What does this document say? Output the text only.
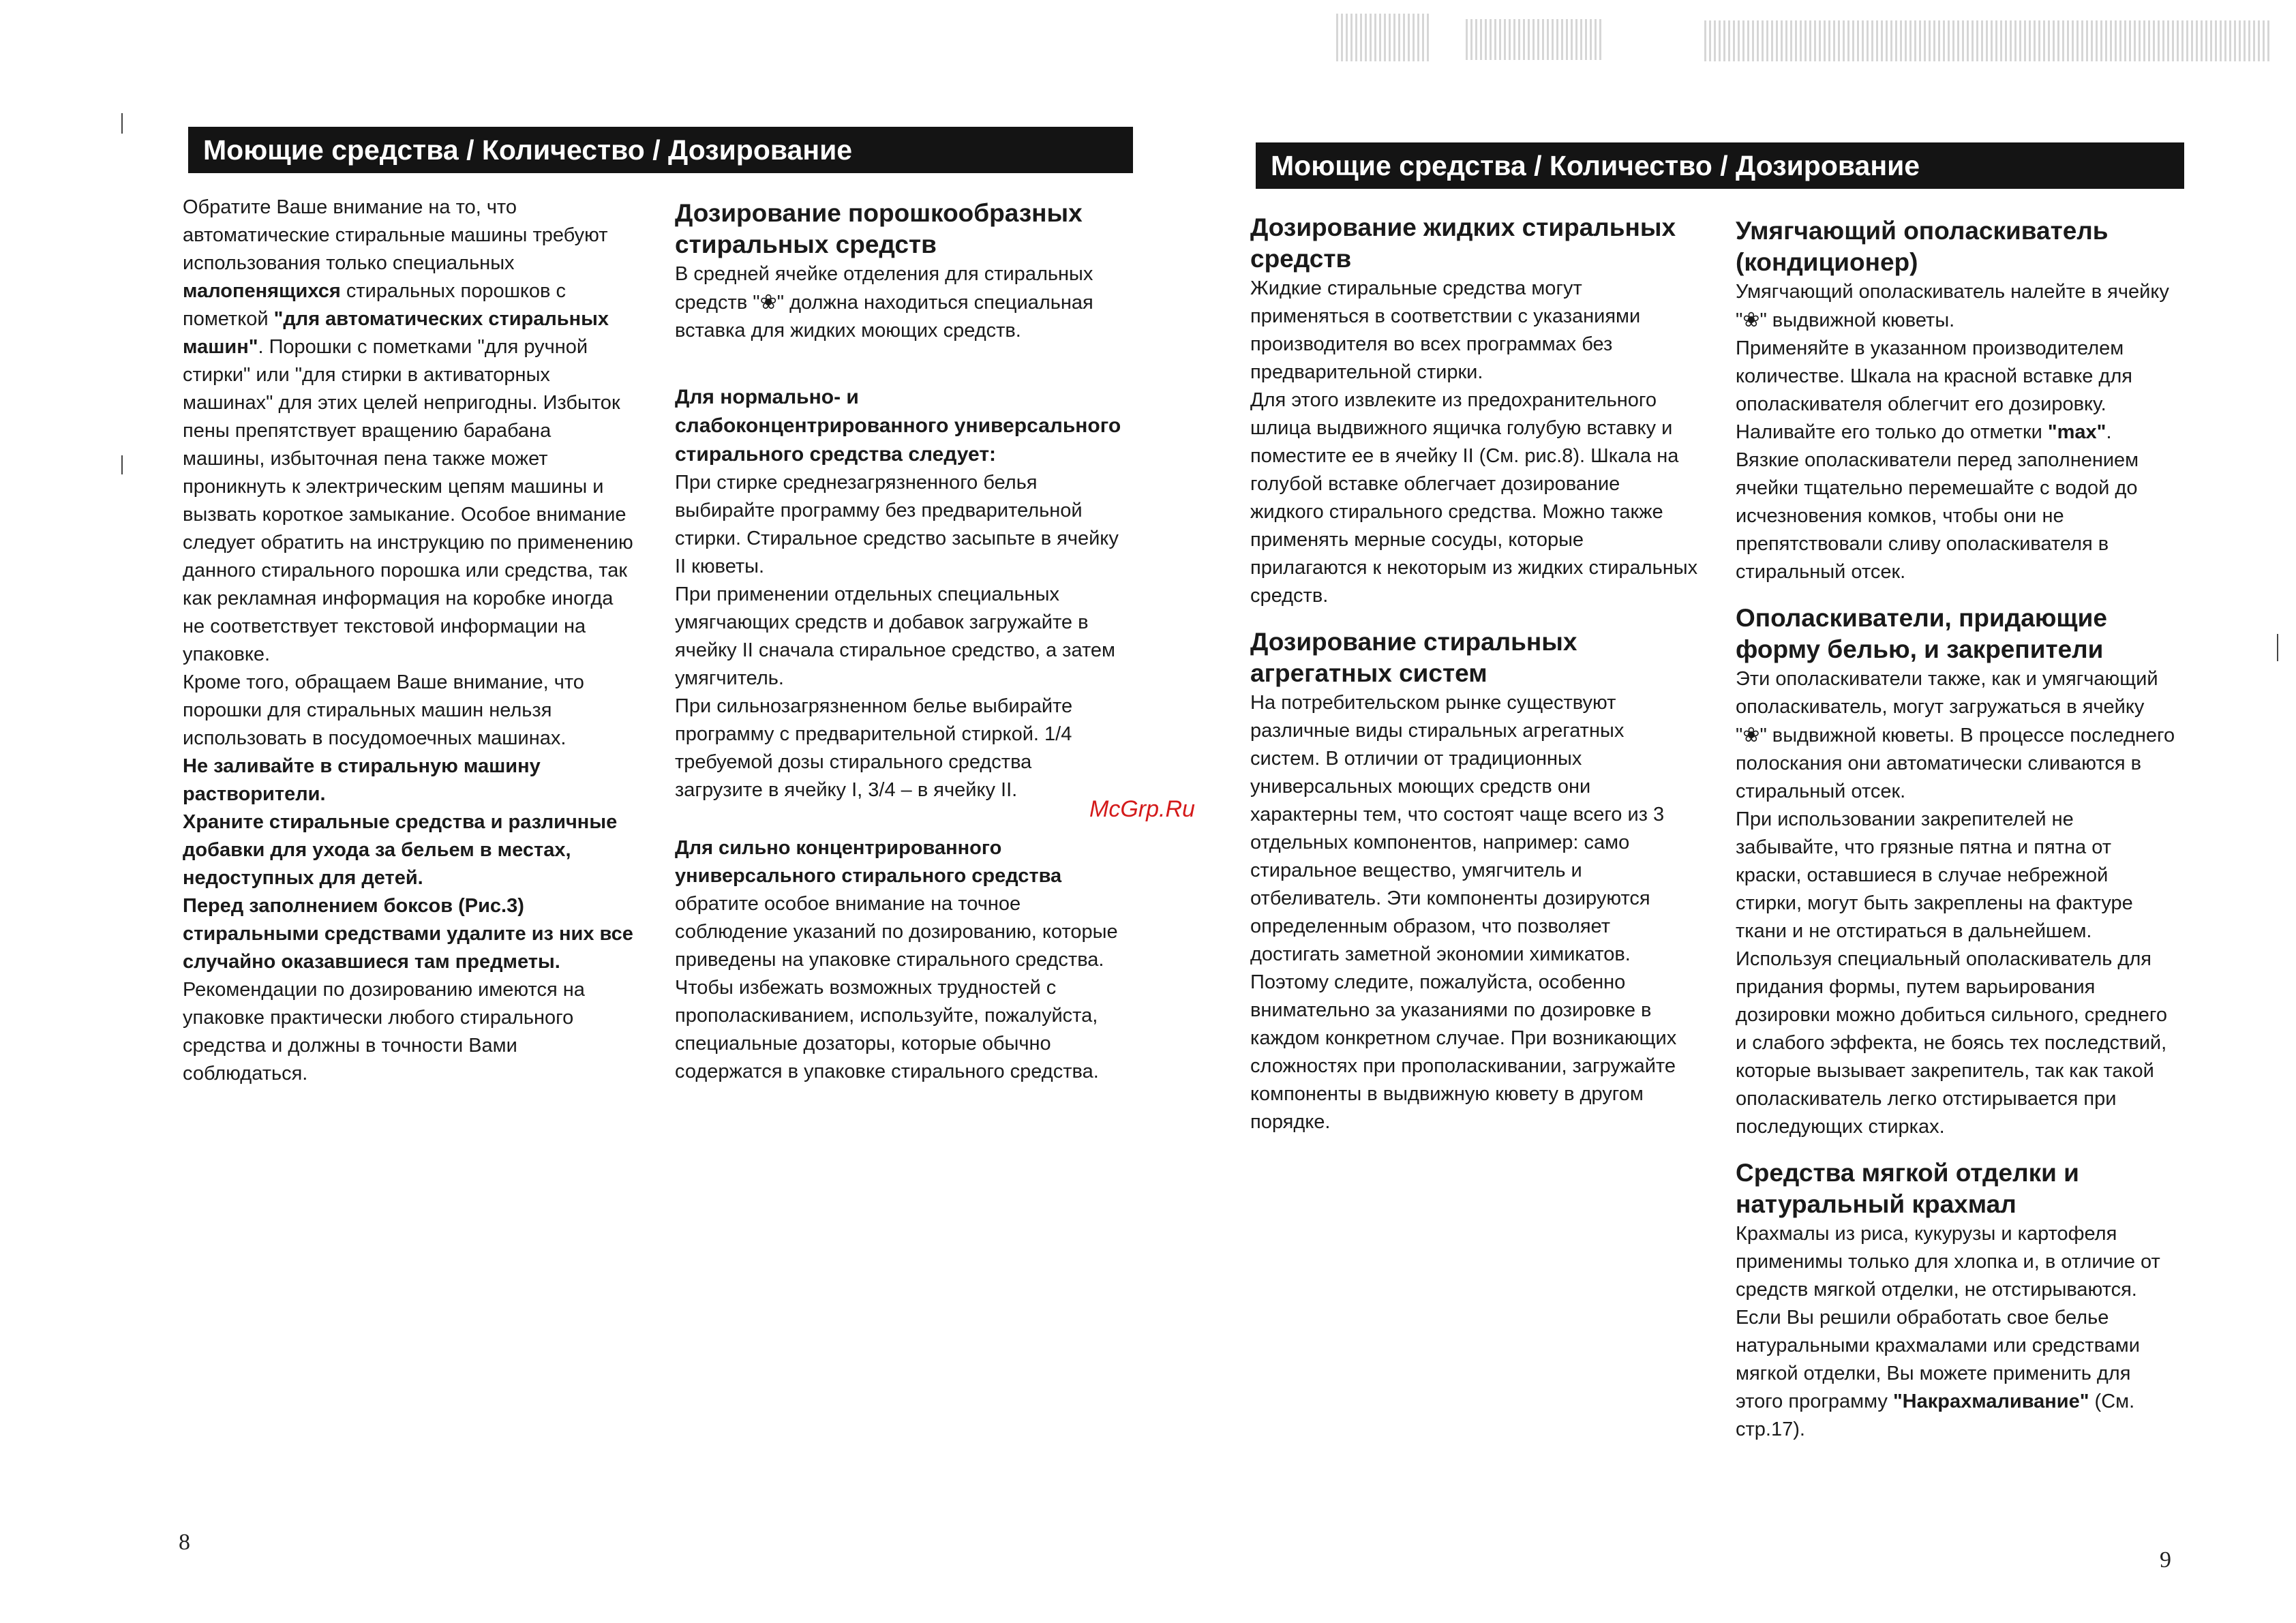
Моющие средства / Количество / Дозирование

Обратите Ваше внимание на то, что автоматические стиральные машины требуют использования только специальных малопенящихся стиральных порошков с пометкой "для автоматических стиральных машин". Порошки с пометками "для ручной стирки" или "для стирки в активаторных машинах" для этих целей непригодны. Избыток пены препятствует вращению барабана машины, избыточная пена также может проникнуть к электрическим цепям машины и вызвать короткое замыкание. Особое внимание следует обратить на инструкцию по применению данного стирального порошка или средства, так как рекламная информация на коробке иногда не соответствует текстовой информации на упаковке.

Кроме того, обращаем Ваше внимание, что порошки для стиральных машин нельзя использовать в посудомоечных машинах.

Не заливайте в стиральную машину растворители.

Храните стиральные средства и различные добавки для ухода за бельем в местах, недоступных для детей.

Перед заполнением боксов (Рис.3) стиральными средствами удалите из них все случайно оказавшиеся там предметы.

Рекомендации по дозированию имеются на упаковке практически любого стирального средства и должны в точности Вами соблюдаться.

Дозирование порошкообразных стиральных средств

В средней ячейке отделения для стиральных средств "❀" должна находиться специальная вставка для жидких моющих средств.

Для нормально- и слабоконцентрированного универсального стирального средства следует:

При стирке среднезагрязненного белья выбирайте программу без предварительной стирки. Стиральное средство засыпьте в ячейку II кюветы.

При применении отдельных специальных умягчающих средств и добавок загружайте в ячейку II сначала стиральное средство, а затем умягчитель.

При сильнозагрязненном белье выбирайте программу с предварительной стиркой. 1/4 требуемой дозы стирального средства загрузите в ячейку I, 3/4 – в ячейку II.

Для сильно концентрированного универсального стирального средства обратите особое внимание на точное соблюдение указаний по дозированию, которые приведены на упаковке стирального средства. Чтобы избежать возможных трудностей с прополаскиванием, используйте, пожалуйста, специальные дозаторы, которые обычно содержатся в упаковке стирального средства.

8
Моющие средства / Количество / Дозирование

Дозирование жидких стиральных средств

Жидкие стиральные средства могут применяться в соответствии с указаниями производителя во всех программах без предварительной стирки.

Для этого извлеките из предохранительного шлица выдвижного ящичка голубую вставку и поместите ее в ячейку II (См. рис.8). Шкала на голубой вставке облегчает дозирование жидкого стирального средства. Можно также применять мерные сосуды, которые прилагаются к некоторым из жидких стиральных средств.

Дозирование стиральных агрегатных систем

На потребительском рынке существуют различные виды стиральных агрегатных систем. В отличии от традиционных универсальных моющих средств они характерны тем, что состоят чаще всего из 3 отдельных компонентов, например: само стиральное вещество, умягчитель и отбеливатель. Эти компоненты дозируются определенным образом, что позволяет достигать заметной экономии химикатов. Поэтому следите, пожалуйста, особенно внимательно за указаниями по дозировке в каждом конкретном случае. При возникающих сложностях при прополаскивании, загружайте компоненты в выдвижную кювету в другом порядке.

Умягчающий ополаскиватель (кондиционер)

Умягчающий ополаскиватель налейте в ячейку "❀" выдвижной кюветы.

Применяйте в указанном производителем количестве. Шкала на красной вставке для ополаскивателя облегчит его дозировку. Наливайте его только до отметки "max". Вязкие ополаскиватели перед заполнением ячейки тщательно перемешайте с водой до исчезновения комков, чтобы они не препятствовали сливу ополаскивателя в стиральный отсек.

Ополаскиватели, придающие форму белью, и закрепители

Эти ополаскиватели также, как и умягчающий ополаскиватель, могут загружаться в ячейку "❀" выдвижной кюветы. В процессе последнего полоскания они автоматически сливаются в стиральный отсек.

При использовании закрепителей не забывайте, что грязные пятна и пятна от краски, оставшиеся в случае небрежной стирки, могут быть закреплены на фактуре ткани и не отстираться в дальнейшем.

Используя специальный ополаскиватель для придания формы, путем варьирования дозировки можно добиться сильного, среднего и слабого эффекта, не боясь тех последствий, которые вызывает закрепитель, так как такой ополаскиватель легко отстирывается при последующих стирках.

Средства мягкой отделки и натуральный крахмал

Крахмалы из риса, кукурузы и картофеля применимы только для хлопка и, в отличие от средств мягкой отделки, не отстирываются.

Если Вы решили обработать свое белье натуральными крахмалами или средствами мягкой отделки, Вы можете применить для этого программу "Накрахмаливание" (См. стр.17).

9
McGrp.Ru
